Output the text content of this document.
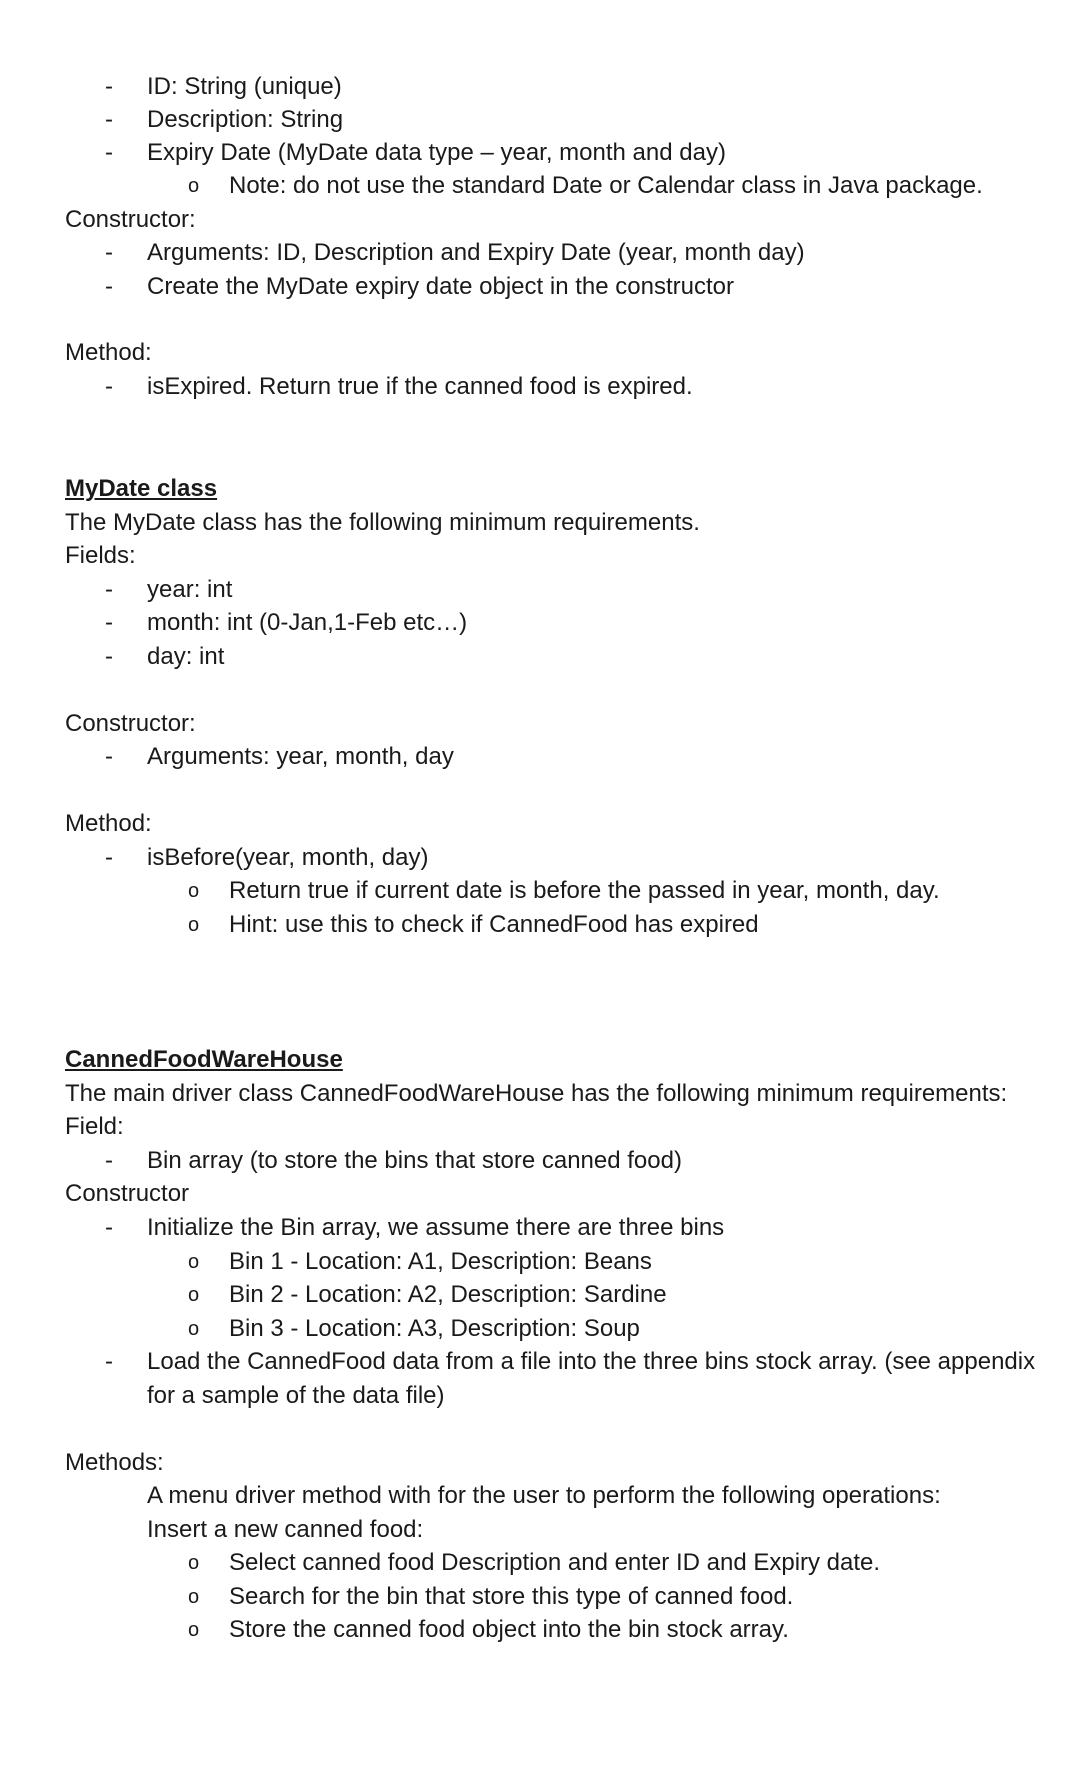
- ID: String (unique)
- Description: String
- Expiry Date (MyDate data type – year, month and day)
o Note: do not use the standard Date or Calendar class in Java package.
Constructor:
- Arguments: ID, Description and Expiry Date (year, month day)
- Create the MyDate expiry date object in the constructor
Method:
- isExpired. Return true if the canned food is expired.
MyDate class
The MyDate class has the following minimum requirements.
Fields:
- year: int
- month: int (0-Jan,1-Feb etc…)
- day: int
Constructor:
- Arguments: year, month, day
Method:
- isBefore(year, month, day)
o Return true if current date is before the passed in year, month, day.
o Hint: use this to check if CannedFood has expired
CannedFoodWareHouse
The main driver class CannedFoodWareHouse has the following minimum requirements:
Field:
- Bin array (to store the bins that store canned food)
Constructor
- Initialize the Bin array, we assume there are three bins
o Bin 1 - Location: A1, Description: Beans
o Bin 2 - Location: A2, Description: Sardine
o Bin 3 - Location: A3, Description: Soup
- Load the CannedFood data from a file into the three bins stock array. (see appendix
for a sample of the data file)
Methods:
A menu driver method with for the user to perform the following operations:
Insert a new canned food:
o Select canned food Description and enter ID and Expiry date.
o Search for the bin that store this type of canned food.
o Store the canned food object into the bin stock array.
